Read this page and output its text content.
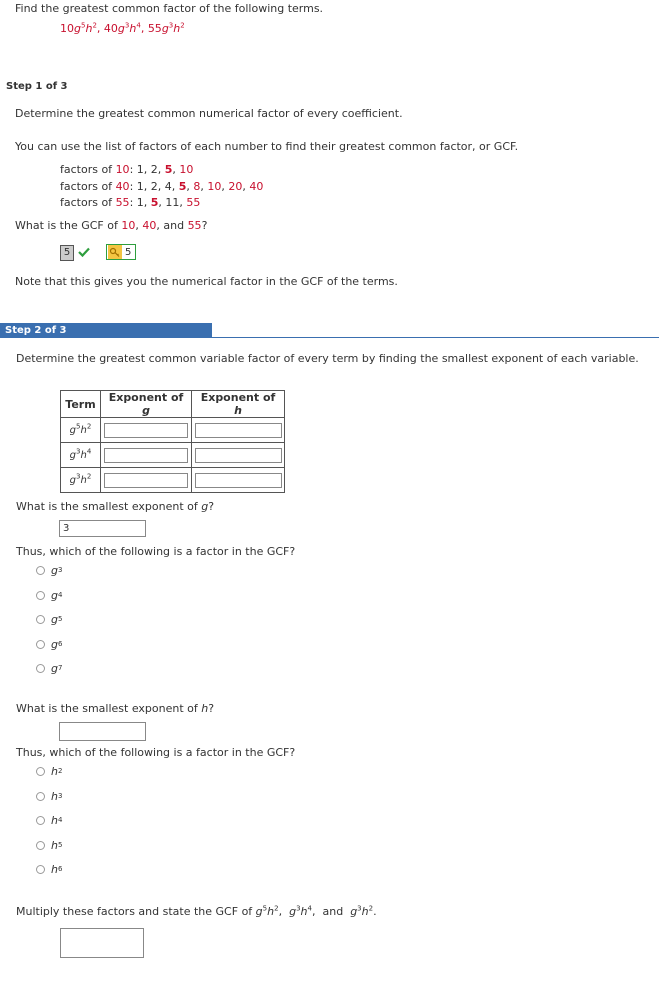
Find the greatest common factor of the following terms.
$10g^5h^2$, $40g^3h^4$, $55g^3h^2$
Step 1 of 3
Determine the greatest common numerical factor of every coefficient.
You can use the list of factors of each number to find their greatest common factor, or GCF.
factors of 10: 1, 2, 5, 10
factors of 40: 1, 2, 4, 5, 8, 10, 20, 40
factors of 55: 1, 5, 11, 55
What is the GCF of 10, 40, and 55?
5	5
Note that this gives you the numerical factor in the GCF of the terms.
Step 2 of 3
Determine the greatest common variable factor of every term by finding the smallest exponent of each variable.
Term	Exponent of g	Exponent of h
$g^5h^2$	

$g^3h^4$	

$g^3h^2$	

What is the smallest exponent of g?
3
Thus, which of the following is a factor in the GCF?
g 3
g 4
g 5
g 6
g 7
What is the smallest exponent of h?
Thus, which of the following is a factor in the GCF?
h 2
h 3
h 4
h 5
h 6
Multiply these factors and state the GCF of $g^5h^2$,  $g^3h^4$,  and $g^3h^2$.
